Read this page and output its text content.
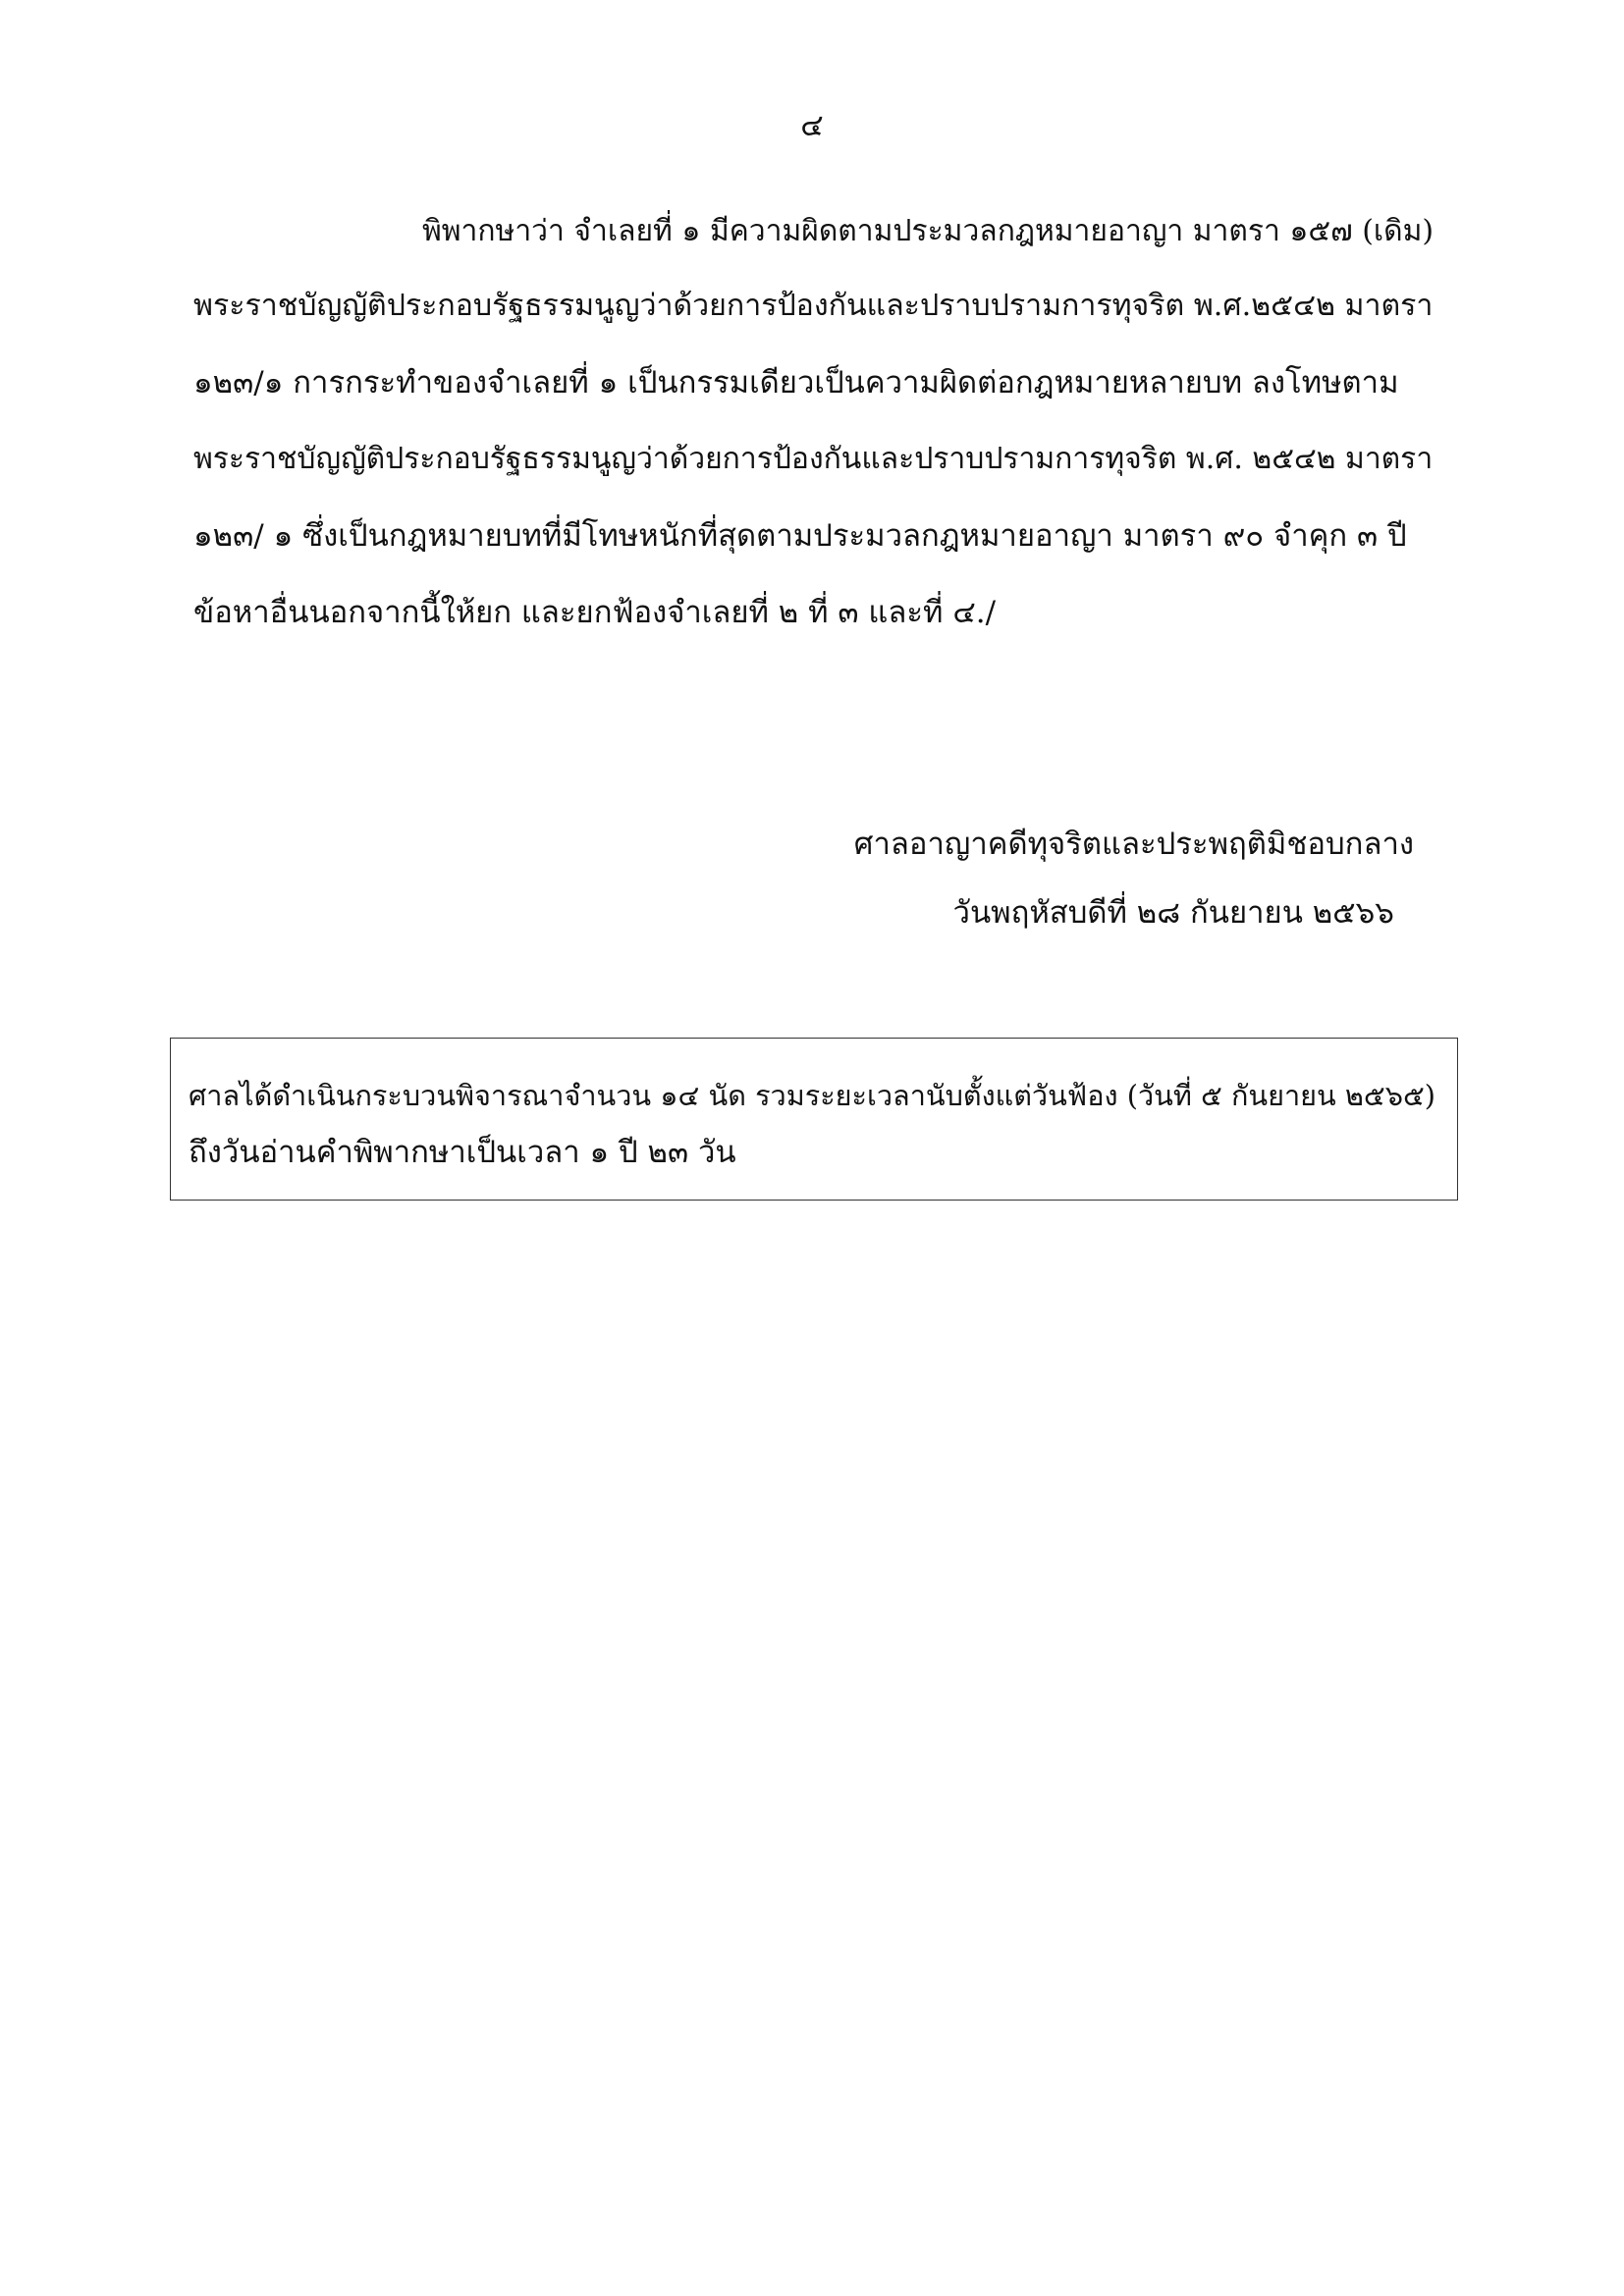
๔
พิพากษาว่า จำเลยที่ ๑ มีความผิดตามประมวลกฎหมายอาญา มาตรา ๑๕๗ (เดิม)
พระราชบัญญัติประกอบรัฐธรรมนูญว่าด้วยการป้องกันและปราบปรามการทุจริต พ.ศ.๒๕๔๒ มาตรา
๑๒๓/๑ การกระทำของจำเลยที่ ๑ เป็นกรรมเดียวเป็นความผิดต่อกฎหมายหลายบท ลงโทษตาม
พระราชบัญญัติประกอบรัฐธรรมนูญว่าด้วยการป้องกันและปราบปรามการทุจริต พ.ศ. ๒๕๔๒ มาตรา
๑๒๓/ ๑ ซึ่งเป็นกฎหมายบทที่มีโทษหนักที่สุดตามประมวลกฎหมายอาญา มาตรา ๙๐ จำคุก ๓ ปี
ข้อหาอื่นนอกจากนี้ให้ยก และยกฟ้องจำเลยที่ ๒ ที่ ๓ และที่ ๔./
ศาลอาญาคดีทุจริตและประพฤติมิชอบกลาง
วันพฤหัสบดีที่ ๒๘ กันยายน ๒๕๖๖
ศาลได้ดำเนินกระบวนพิจารณาจำนวน ๑๔ นัด รวมระยะเวลานับตั้งแต่วันฟ้อง (วันที่ ๕ กันยายน ๒๕๖๕)
ถึงวันอ่านคำพิพากษาเป็นเวลา ๑ ปี ๒๓ วัน
